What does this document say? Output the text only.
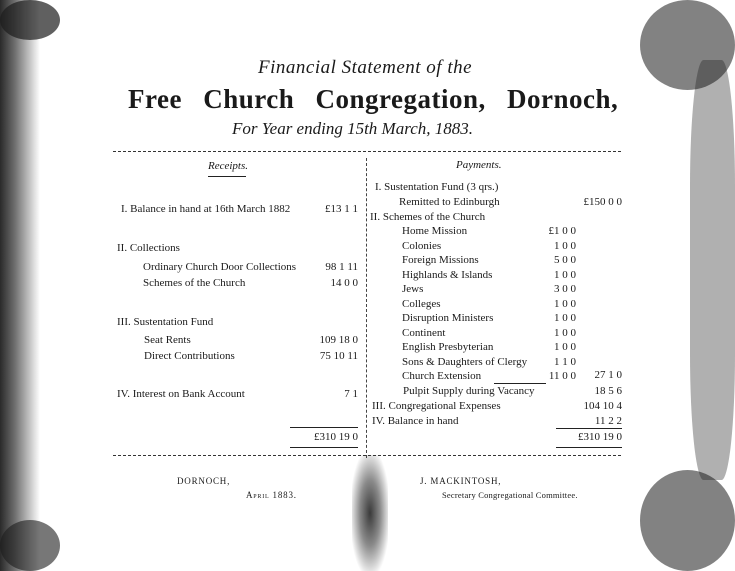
Financial Statement of the
Free Church Congregation, Dornoch,
For Year ending 15th March, 1883.
Receipts.
I. Balance in hand at 16th March 1882	£13 1 1
II. Collections
Ordinary Church Door Collections	98 1 11
Schemes of the Church	14 0 0
III. Sustentation Fund
Seat Rents	109 18 0
Direct Contributions	75 10 11
IV. Interest on Bank Account	7 1
£310 19 0
Payments.
I. Sustentation Fund (3 qrs.)
Remitted to Edinburgh	£150 0 0
II. Schemes of the Church
Home Mission	£1 0 0
Colonies	1 0 0
Foreign Missions	5 0 0
Highlands & Islands	1 0 0
Jews	3 0 0
Colleges	1 0 0
Disruption Ministers	1 0 0
Continent	1 0 0
English Presbyterian	1 0 0
Sons & Daughters of Clergy	1 1 0
Church Extension	11 0 0	27 1 0
Pulpit Supply during Vacancy	18 5 6
III. Congregational Expenses	104 10 4
IV. Balance in hand	11 2 2
£310 19 0
DORNOCH,
April 1883.
J. MACKINTOSH,
Secretary Congregational Committee.
